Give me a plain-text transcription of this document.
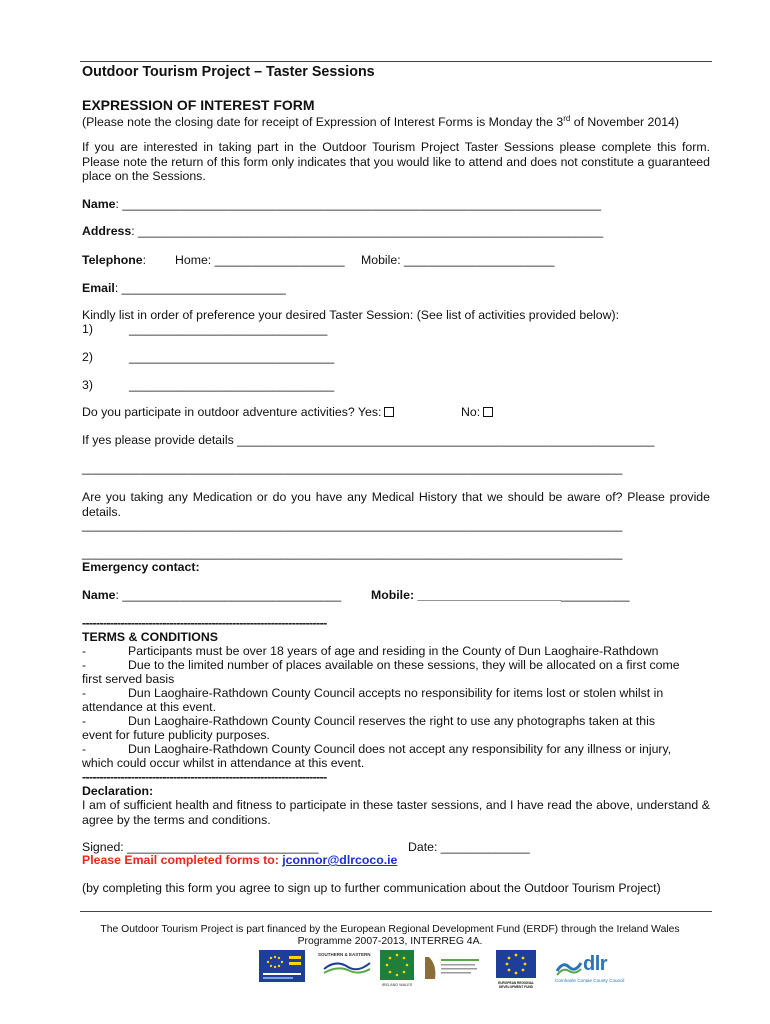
Outdoor Tourism Project – Taster Sessions
EXPRESSION OF INTEREST FORM
(Please note the closing date for receipt of Expression of Interest Forms is Monday the 3rd of November 2014)
If you are interested in taking part in the Outdoor Tourism Project Taster Sessions please complete this form. Please note the return of this form only indicates that you would like to attend and does not constitute a guaranteed place on the Sessions.
Name: ______________________________________________________________________
Address: ____________________________________________________________________
Telephone: Home: ___________________ Mobile: ______________________
Email: ________________________
Kindly list in order of preference your desired Taster Session: (See list of activities provided below):
1)	_____________________________
2)	______________________________
3)	______________________________
Do you participate in outdoor adventure activities? Yes:	No:
If yes please provide details _____________________________________________________________
_______________________________________________________________________________
Are you taking any Medication or do you have any Medical History that we should be aware of? Please provide details.
_______________________________________________________________________________
_______________________________________________________________________________
Emergency contact:
Name: ________________________________ Mobile: _______________________________
----------------------------------------------------------------------
TERMS & CONDITIONS
-	Participants must be over 18 years of age and residing in the County of Dun Laoghaire-Rathdown
-	Due to the limited number of places available on these sessions, they will be allocated on a first come
first served basis
-	Dun Laoghaire-Rathdown County Council accepts no responsibility for items lost or stolen whilst in
attendance at this event.
-	Dun Laoghaire-Rathdown County Council reserves the right to use any photographs taken at this
event for future publicity purposes.
-	Dun Laoghaire-Rathdown County Council does not accept any responsibility for any illness or injury,
which could occur whilst in attendance at this event.
----------------------------------------------------------------------
Declaration:
I am of sufficient health and fitness to participate in these taster sessions, and I have read the above, understand & agree by the terms and conditions.
Signed: ____________________________	Date: _____________
Please Email completed forms to: jconnor@dlrcoco.ie
(by completing this form you agree to sign up to further communication about the Outdoor Tourism Project)
The Outdoor Tourism Project is part financed by the European Regional Development Fund (ERDF) through the Ireland Wales
Programme 2007-2013, INTERREG 4A.
SOUTHERN & EASTERN
IRELAND WALES	EUROPEAN REGIONAL DEVELOPMENT FUND
dlr
Comhairle Contae County Council
